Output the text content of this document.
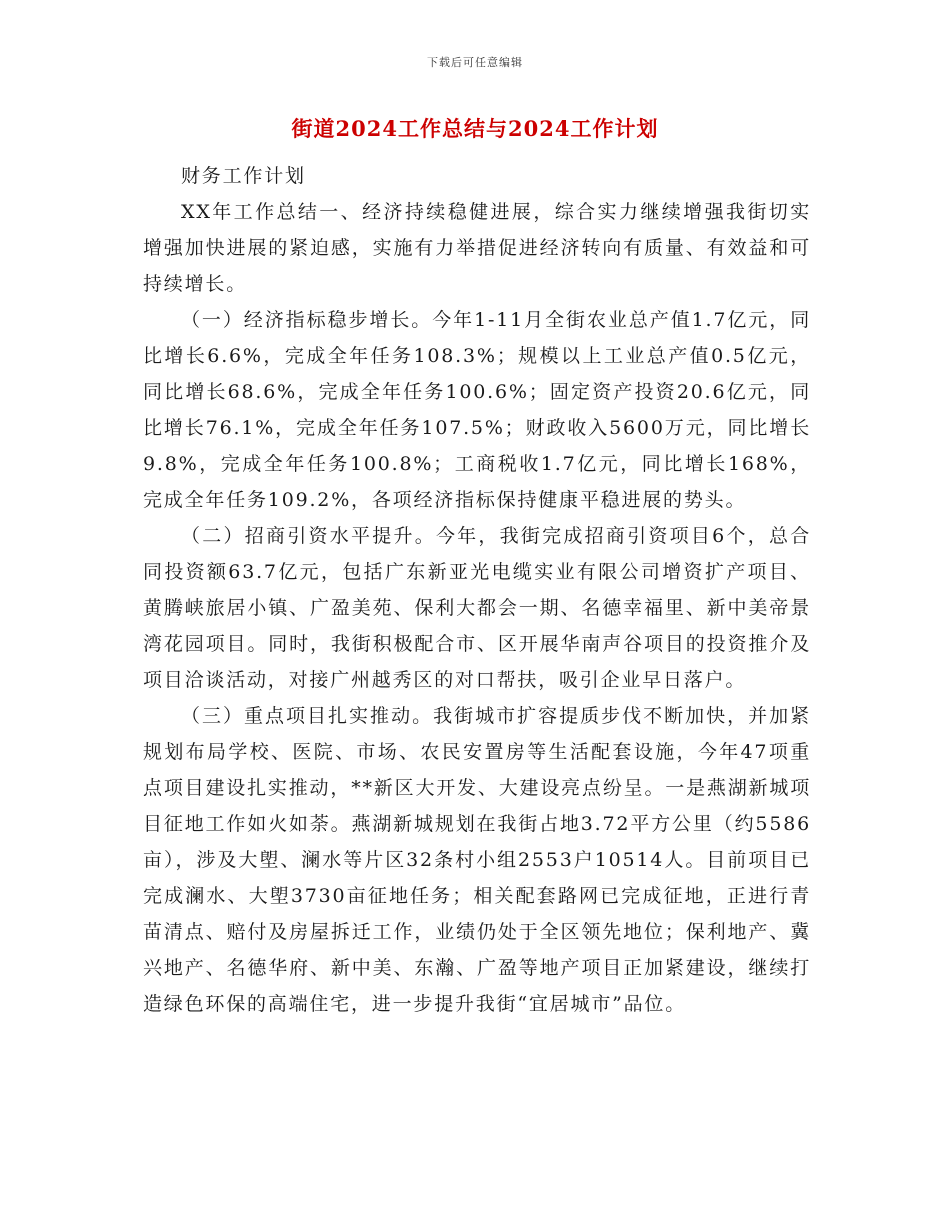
下载后可任意编辑
街道2024工作总结与2024工作计划

财务工作计划

XX年工作总结一、经济持续稳健进展，综合实力继续增强我街切实增强加快进展的紧迫感，实施有力举措促进经济转向有质量、有效益和可持续增长。

（一）经济指标稳步增长。今年1-11月全街农业总产值1.7亿元，同比增长6.6%，完成全年任务108.3%；规模以上工业总产值0.5亿元，同比增长68.6%，完成全年任务100.6%；固定资产投资20.6亿元，同比增长76.1%，完成全年任务107.5%；财政收入5600万元，同比增长9.8%，完成全年任务100.8%；工商税收1.7亿元，同比增长168%，完成全年任务109.2%，各项经济指标保持健康平稳进展的势头。

（二）招商引资水平提升。今年，我街完成招商引资项目6个，总合同投资额63.7亿元，包括广东新亚光电缆实业有限公司增资扩产项目、黄腾峡旅居小镇、广盈美苑、保利大都会一期、名德幸福里、新中美帝景湾花园项目。同时，我街积极配合市、区开展华南声谷项目的投资推介及项目洽谈活动，对接广州越秀区的对口帮扶，吸引企业早日落户。

（三）重点项目扎实推动。我街城市扩容提质步伐不断加快，并加紧规划布局学校、医院、市场、农民安置房等生活配套设施，今年47项重点项目建设扎实推动，**新区大开发、大建设亮点纷呈。一是燕湖新城项目征地工作如火如荼。燕湖新城规划在我街占地3.72平方公里（约5586亩），涉及大塱、澜水等片区32条村小组2553户10514人。目前项目已完成澜水、大塱3730亩征地任务；相关配套路网已完成征地，正进行青苗清点、赔付及房屋拆迁工作，业绩仍处于全区领先地位；保利地产、冀兴地产、名德华府、新中美、东瀚、广盈等地产项目正加紧建设，继续打造绿色环保的高端住宅，进一步提升我街“宜居城市”品位。
